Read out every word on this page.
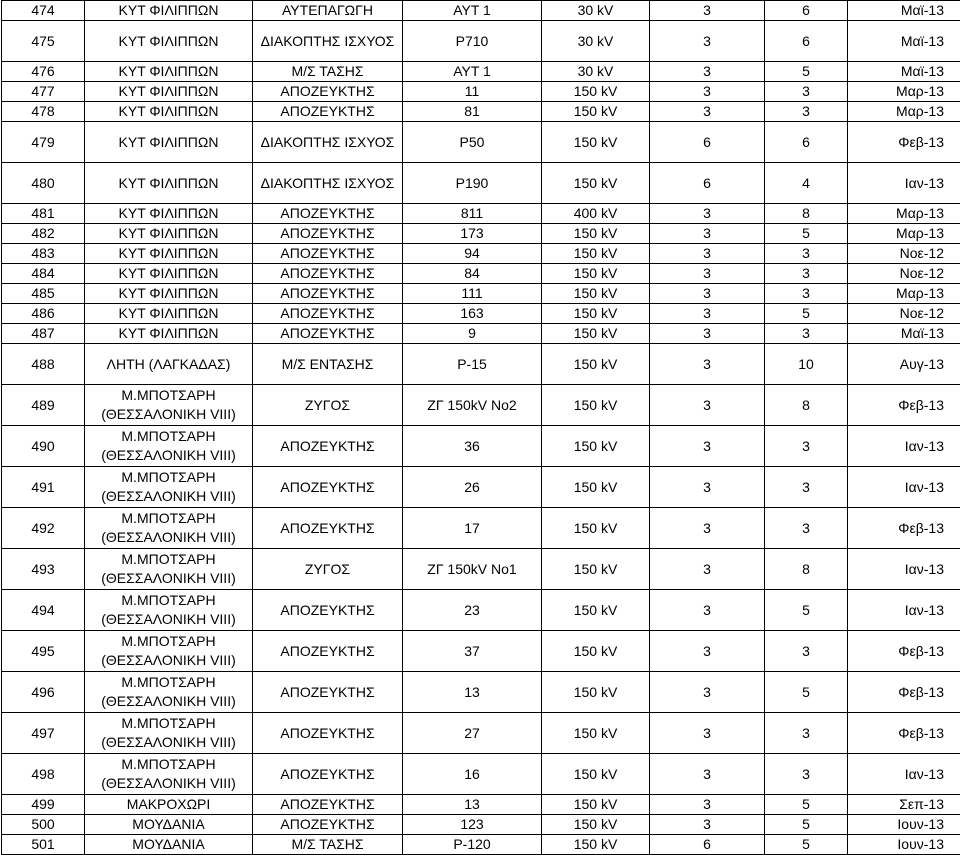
474	ΚΥΤ ΦΙΛΙΠΠΩΝ	ΑΥΤΕΠΑΓΩΓΗ	ΑΥΤ 1	30 kV	3	6	Μαϊ-13
475	ΚΥΤ ΦΙΛΙΠΠΩΝ	ΔΙΑΚΟΠΤΗΣ ΙΣΧΥΟΣ	P710	30 kV	3	6	Μαϊ-13
476	ΚΥΤ ΦΙΛΙΠΠΩΝ	Μ/Σ ΤΑΣΗΣ	ΑΥΤ 1	30 kV	3	5	Μαϊ-13
477	ΚΥΤ ΦΙΛΙΠΠΩΝ	ΑΠΟΖΕΥΚΤΗΣ	11	150 kV	3	3	Μαρ-13
478	ΚΥΤ ΦΙΛΙΠΠΩΝ	ΑΠΟΖΕΥΚΤΗΣ	81	150 kV	3	3	Μαρ-13
479	ΚΥΤ ΦΙΛΙΠΠΩΝ	ΔΙΑΚΟΠΤΗΣ ΙΣΧΥΟΣ	P50	150 kV	6	6	Φεβ-13
480	ΚΥΤ ΦΙΛΙΠΠΩΝ	ΔΙΑΚΟΠΤΗΣ ΙΣΧΥΟΣ	P190	150 kV	6	4	Ιαν-13
481	ΚΥΤ ΦΙΛΙΠΠΩΝ	ΑΠΟΖΕΥΚΤΗΣ	811	400 kV	3	8	Μαρ-13
482	ΚΥΤ ΦΙΛΙΠΠΩΝ	ΑΠΟΖΕΥΚΤΗΣ	173	150 kV	3	5	Μαρ-13
483	ΚΥΤ ΦΙΛΙΠΠΩΝ	ΑΠΟΖΕΥΚΤΗΣ	94	150 kV	3	3	Νοε-12
484	ΚΥΤ ΦΙΛΙΠΠΩΝ	ΑΠΟΖΕΥΚΤΗΣ	84	150 kV	3	3	Νοε-12
485	ΚΥΤ ΦΙΛΙΠΠΩΝ	ΑΠΟΖΕΥΚΤΗΣ	111	150 kV	3	3	Μαρ-13
486	ΚΥΤ ΦΙΛΙΠΠΩΝ	ΑΠΟΖΕΥΚΤΗΣ	163	150 kV	3	5	Νοε-12
487	ΚΥΤ ΦΙΛΙΠΠΩΝ	ΑΠΟΖΕΥΚΤΗΣ	9	150 kV	3	3	Μαϊ-13
488	ΛΗΤΗ (ΛΑΓΚΑΔΑΣ)	Μ/Σ ΕΝΤΑΣΗΣ	Ρ-15	150 kV	3	10	Αυγ-13
489	Μ.ΜΠΟΤΣΑΡΗ (ΘΕΣΣΑΛΟΝΙΚΗ VIII)	ΖΥΓΟΣ	ΖΓ 150kV Νο2	150 kV	3	8	Φεβ-13
490	Μ.ΜΠΟΤΣΑΡΗ (ΘΕΣΣΑΛΟΝΙΚΗ VIII)	ΑΠΟΖΕΥΚΤΗΣ	36	150 kV	3	3	Ιαν-13
491	Μ.ΜΠΟΤΣΑΡΗ (ΘΕΣΣΑΛΟΝΙΚΗ VIII)	ΑΠΟΖΕΥΚΤΗΣ	26	150 kV	3	3	Ιαν-13
492	Μ.ΜΠΟΤΣΑΡΗ (ΘΕΣΣΑΛΟΝΙΚΗ VIII)	ΑΠΟΖΕΥΚΤΗΣ	17	150 kV	3	3	Φεβ-13
493	Μ.ΜΠΟΤΣΑΡΗ (ΘΕΣΣΑΛΟΝΙΚΗ VIII)	ΖΥΓΟΣ	ΖΓ 150kV Νο1	150 kV	3	8	Ιαν-13
494	Μ.ΜΠΟΤΣΑΡΗ (ΘΕΣΣΑΛΟΝΙΚΗ VIII)	ΑΠΟΖΕΥΚΤΗΣ	23	150 kV	3	5	Ιαν-13
495	Μ.ΜΠΟΤΣΑΡΗ (ΘΕΣΣΑΛΟΝΙΚΗ VIII)	ΑΠΟΖΕΥΚΤΗΣ	37	150 kV	3	3	Φεβ-13
496	Μ.ΜΠΟΤΣΑΡΗ (ΘΕΣΣΑΛΟΝΙΚΗ VIII)	ΑΠΟΖΕΥΚΤΗΣ	13	150 kV	3	5	Φεβ-13
497	Μ.ΜΠΟΤΣΑΡΗ (ΘΕΣΣΑΛΟΝΙΚΗ VIII)	ΑΠΟΖΕΥΚΤΗΣ	27	150 kV	3	3	Φεβ-13
498	Μ.ΜΠΟΤΣΑΡΗ (ΘΕΣΣΑΛΟΝΙΚΗ VIII)	ΑΠΟΖΕΥΚΤΗΣ	16	150 kV	3	3	Ιαν-13
499	ΜΑΚΡΟΧΩΡΙ	ΑΠΟΖΕΥΚΤΗΣ	13	150 kV	3	5	Σεπ-13
500	ΜΟΥΔΑΝΙΑ	ΑΠΟΖΕΥΚΤΗΣ	123	150 kV	3	5	Ιουν-13
501	ΜΟΥΔΑΝΙΑ	Μ/Σ ΤΑΣΗΣ	Ρ-120	150 kV	6	5	Ιουν-13
